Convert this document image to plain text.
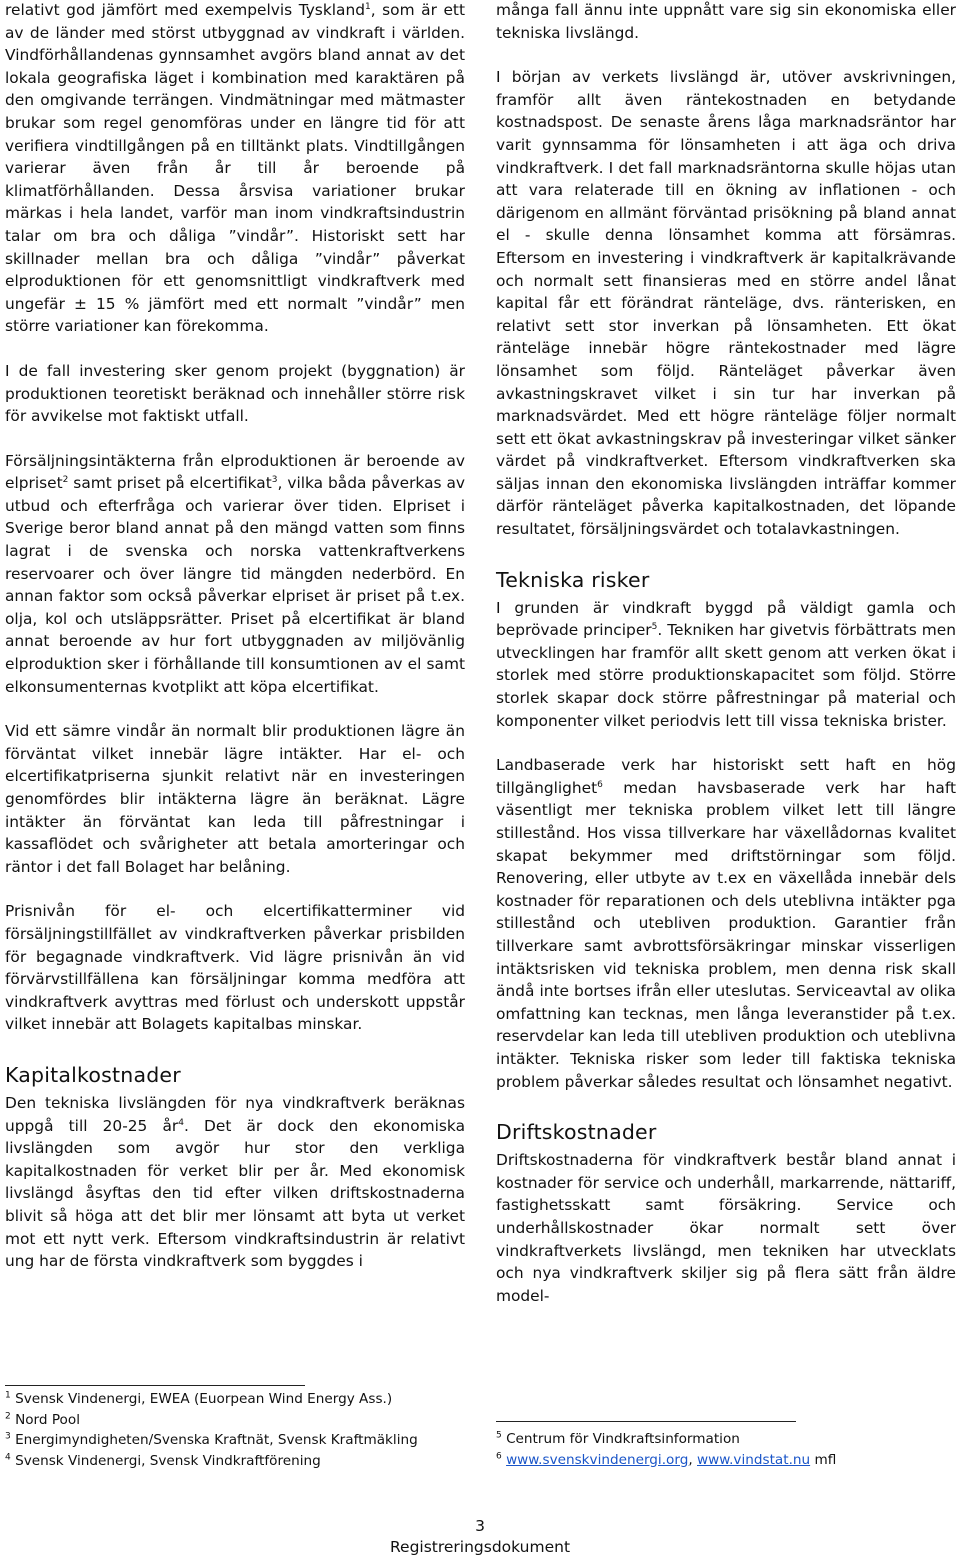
relativt god jämfört med exempelvis Tyskland$^1$, som är ett av de länder med störst utbyggnad av vindkraft i världen. Vindförhållandenas gynnsamhet avgörs bland annat av det lokala geografiska läget i kombination med karaktären på den omgivande terrängen. Vindmätningar med mätmaster brukar som regel genomföras under en längre tid för att verifiera vindtillgången på en tilltänkt plats. Vindtillgången varierar även från år till år beroende på klimatförhållanden. Dessa årsvisa variationer brukar märkas i hela landet, varför man inom vindkraftsindustrin talar om bra och dåliga ”vindår”. Historiskt sett har skillnader mellan bra och dåliga ”vindår” påverkat elproduktionen för ett genomsnittligt vindkraftverk med ungefär ± 15 % jämfört med ett normalt ”vindår” men större variationer kan förekomma.

I de fall investering sker genom projekt (byggnation) är produktionen teoretiskt beräknad och innehåller större risk för avvikelse mot faktiskt utfall.

Försäljningsintäkterna från elproduktionen är beroende av elpriset$^2$ samt priset på elcertifikat$^3$, vilka båda påverkas av utbud och efterfråga och varierar över tiden. Elpriset i Sverige beror bland annat på den mängd vatten som finns lagrat i de svenska och norska vattenkraftverkens reservoarer och över längre tid mängden nederbörd. En annan faktor som också påverkar elpriset är priset på t.ex. olja, kol och utsläppsrätter. Priset på elcertifikat är bland annat beroende av hur fort utbyggnaden av miljövänlig elproduktion sker i förhållande till konsumtionen av el samt elkonsumenternas kvotplikt att köpa elcertifikat.

Vid ett sämre vindår än normalt blir produktionen lägre än förväntat vilket innebär lägre intäkter. Har el- och elcertifikatpriserna sjunkit relativt när en investeringen genomfördes blir intäkterna lägre än beräknat. Lägre intäkter än förväntat kan leda till påfrestningar i kassaflödet och svårigheter att betala amorteringar och räntor i det fall Bolaget har belåning.

Prisnivån för el- och elcertifikatterminer vid försäljningstillfället av vindkraftverken påverkar prisbilden för begagnade vindkraftverk. Vid lägre prisnivån än vid förvärvstillfällena kan försäljningar komma medföra att vindkraftverk avyttras med förlust och underskott uppstår vilket innebär att Bolagets kapitalbas minskar.

Kapitalkostnader

Den tekniska livslängden för nya vindkraftverk beräknas uppgå till 20-25 $år^4$. Det är dock den ekonomiska livslängden som avgör hur stor den verkliga kapitalkostnaden för verket blir per år. Med ekonomisk livslängd åsyftas den tid efter vilken driftskostnaderna blivit så höga att det blir mer lönsamt att byta ut verket mot ett nytt verk. Eftersom vindkraftsindustrin är relativt ung har de första vindkraftverk som byggdes i

många fall ännu inte uppnått vare sig sin ekonomiska eller tekniska livslängd.

I början av verkets livslängd är, utöver avskrivningen, framför allt även räntekostnaden en betydande kostnadspost. De senaste årens låga marknadsräntor har varit gynnsamma för lönsamheten i att äga och driva vindkraftverk. I det fall marknadsräntorna skulle höjas utan att vara relaterade till en ökning av inflationen - och därigenom en allmänt förväntad prisökning på bland annat el - skulle denna lönsamhet komma att försämras. Eftersom en investering i vindkraftverk är kapitalkrävande och normalt sett finansieras med en större andel lånat kapital får ett förändrat ränteläge, dvs. ränterisken, en relativt sett stor inverkan på lönsamheten. Ett ökat ränteläge innebär högre räntekostnader med lägre lönsamhet som följd. Ränteläget påverkar även avkastningskravet vilket i sin tur har inverkan på marknadsvärdet. Med ett högre ränteläge följer normalt sett ett ökat avkastningskrav på investeringar vilket sänker värdet på vindkraftverket. Eftersom vindkraftverken ska säljas innan den ekonomiska livslängden inträffar kommer därför ränteläget påverka kapitalkostnaden, det löpande resultatet, försäljningsvärdet och totalavkastningen.

Tekniska risker

I grunden är vindkraft byggd på väldigt gamla och beprövade principer$^5$. Tekniken har givetvis förbättrats men utvecklingen har framför allt skett genom att verken ökat i storlek med större produktionskapacitet som följd. Större storlek skapar dock större påfrestningar på material och komponenter vilket periodvis lett till vissa tekniska brister.

Landbaserade verk har historiskt sett haft en hög tillgänglighet$^6$ medan havsbaserade verk har haft väsentligt mer tekniska problem vilket lett till längre stillestånd. Hos vissa tillverkare har växellådornas kvalitet skapat bekymmer med driftstörningar som följd. Renovering, eller utbyte av t.ex en växellåda innebär dels kostnader för reparationen och dels uteblivna intäkter pga stillestånd och utebliven produktion. Garantier från tillverkare samt avbrottsförsäkringar minskar visserligen intäktsrisken vid tekniska problem, men denna risk skall ändå inte bortses ifrån eller uteslutas. Serviceavtal av olika omfattning kan tecknas, men långa leveranstider på t.ex. reservdelar kan leda till utebliven produktion och uteblivna intäkter. Tekniska risker som leder till faktiska tekniska problem påverkar således resultat och lönsamhet negativt.

Driftskostnader

Driftskostnaderna för vindkraftverk består bland annat i kostnader för service och underhåll, markarrende, nättariff, fastighetsskatt samt försäkring. Service och underhållskostnader ökar normalt sett över vindkraftverkets livslängd, men tekniken har utvecklats och nya vindkraftverk skiljer sig på flera sätt från äldre model-

$^1$ Svensk Vindenergi, EWEA (Euorpean Wind Energy Ass.)
$^2$ Nord Pool
$^3$ Energimyndigheten/Svenska Kraftnät, Svensk Kraftmäkling
$^4$ Svensk Vindenergi, Svensk Vindkraftförening
$^5$ Centrum för Vindkraftsinformation
$^6$ www.svenskvindenergi.org, www.vindstat.nu mfl
3
Registreringsdokument
